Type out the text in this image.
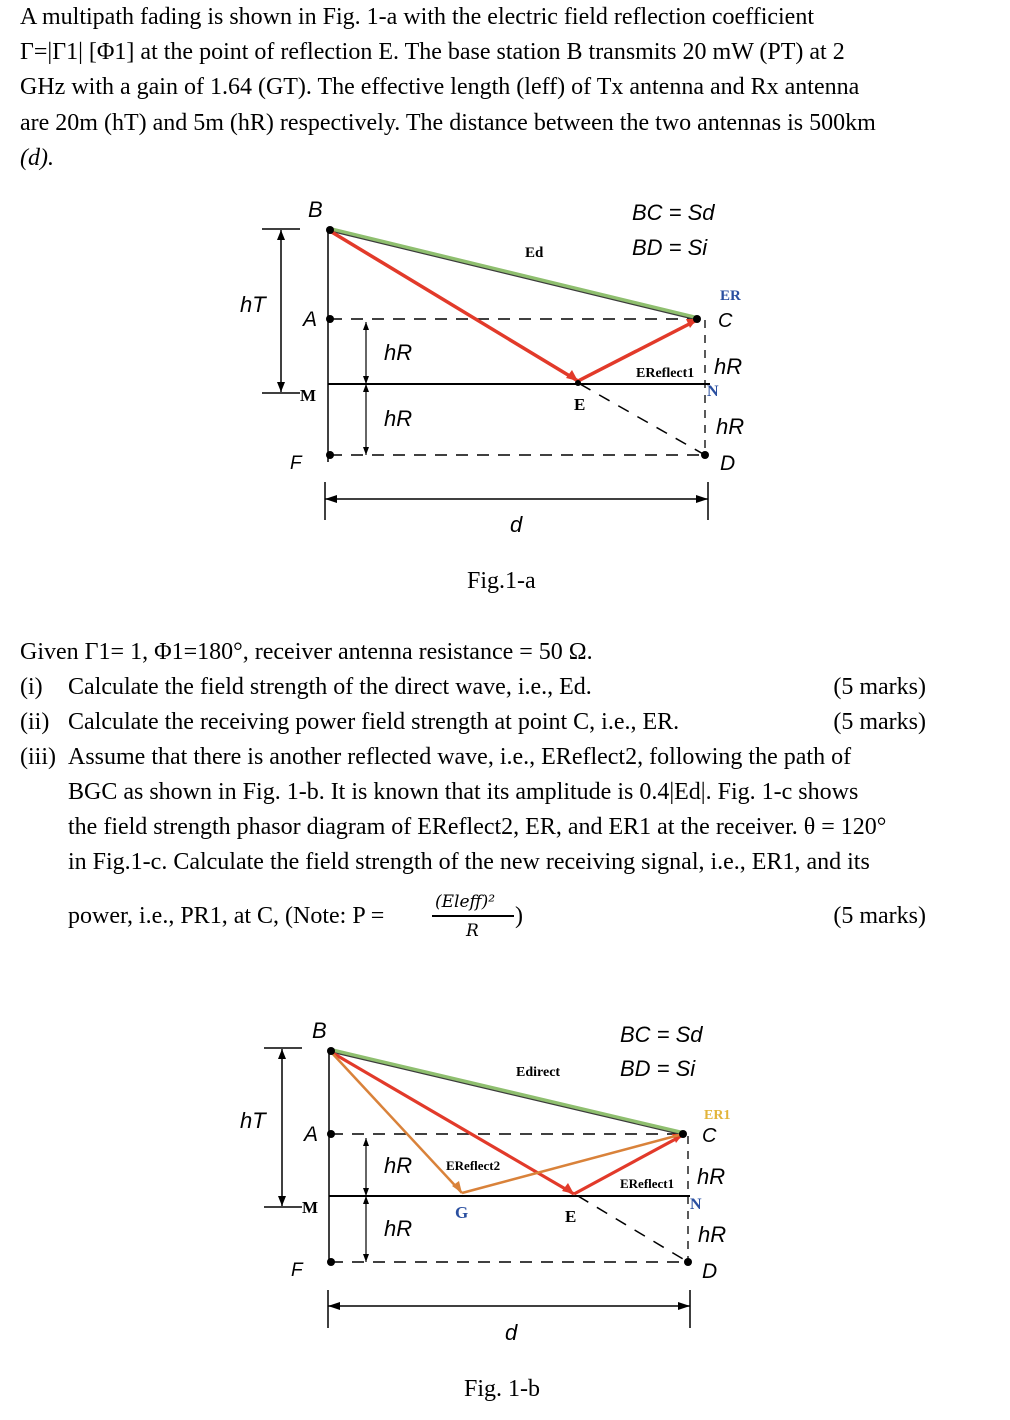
A multipath fading is shown in Fig. 1-a with the electric field reflection coefficient
Γ=|Γ1| [Φ1] at the point of reflection E. The base station B transmits 20 mW (PT) at 2
GHz with a gain of 1.64 (GT). The effective length (leff) of Tx antenna and Rx antenna
are 20m (hT) and 5m (hR) respectively. The distance between the two antennas is 500km
(d).
B
A
M
F
hT
hR
hR
hR
hR
E
N
C
D
d
BC = Sd
BD = Si
Ed
ER
EReflect1
Fig.1-a
Given Γ1= 1, Φ1=180°, receiver antenna resistance = 50 Ω.
(i) Calculate the field strength of the direct wave, i.e., Ed.	(5 marks)
(ii) Calculate the receiving power field strength at point C, i.e., ER.	(5 marks)
(iii) Assume that there is another reflected wave, i.e., EReflect2, following the path of
BGC as shown in Fig. 1-b. It is known that its amplitude is 0.4|Ed|. Fig. 1-c shows
the field strength phasor diagram of EReflect2, ER, and ER1 at the receiver. θ = 120°
in Fig.1-c. Calculate the field strength of the new receiving signal, i.e., ER1, and its
power, i.e., PR1, at C, (Note: P =
(Eleff)²
R
)	(5 marks)
B
A
M
F
hT
hR
hR
hR
hR
G	E
N
C
D
d
BC = Sd
BD = Si
Edirect
ER1
EReflect1
EReflect2
Fig. 1-b
